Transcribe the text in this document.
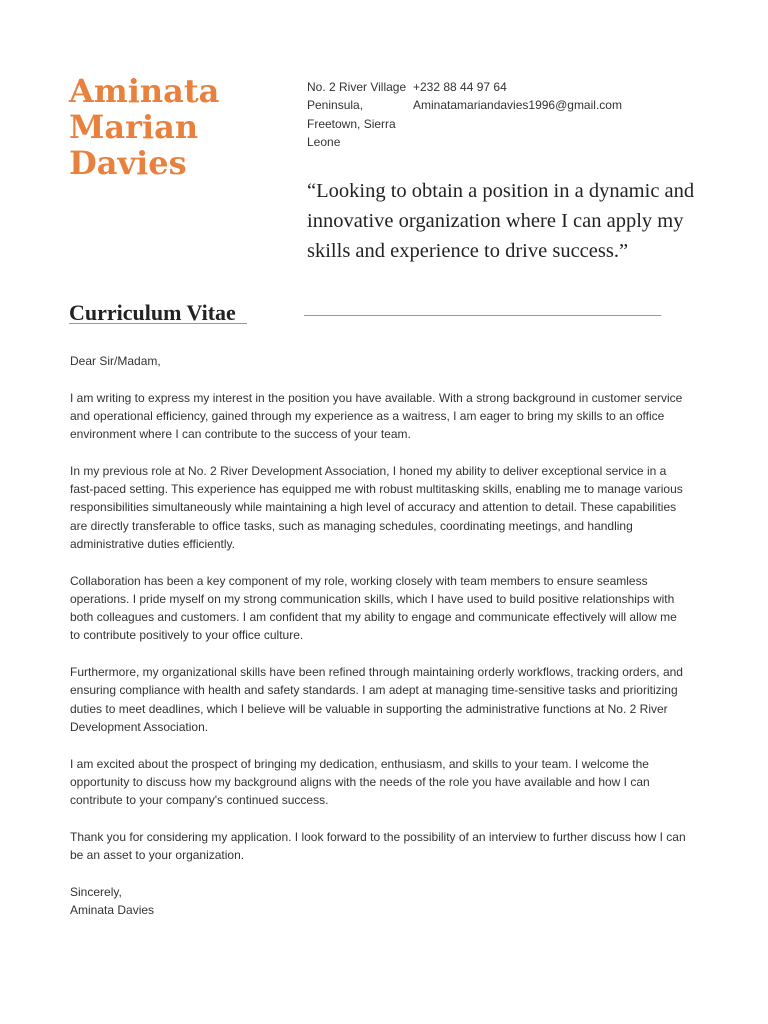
Aminata
Marian
Davies
No. 2 River Village Peninsula, Freetown, Sierra Leone
+232 88 44 97 64
Aminatamariandavies1996@gmail.com

“Looking to obtain a position in a dynamic and innovative organization where I can apply my skills and experience to drive success.”

Curriculum Vitae

Dear Sir/Madam,

I am writing to express my interest in the position you have available. With a strong background in customer service and operational efficiency, gained through my experience as a waitress, I am eager to bring my skills to an office environment where I can contribute to the success of your team.

In my previous role at No. 2 River Development Association, I honed my ability to deliver exceptional service in a fast-paced setting. This experience has equipped me with robust multitasking skills, enabling me to manage various responsibilities simultaneously while maintaining a high level of accuracy and attention to detail. These capabilities are directly transferable to office tasks, such as managing schedules, coordinating meetings, and handling administrative duties efficiently.

Collaboration has been a key component of my role, working closely with team members to ensure seamless operations. I pride myself on my strong communication skills, which I have used to build positive relationships with both colleagues and customers. I am confident that my ability to engage and communicate effectively will allow me to contribute positively to your office culture.

Furthermore, my organizational skills have been refined through maintaining orderly workflows, tracking orders, and ensuring compliance with health and safety standards. I am adept at managing time-sensitive tasks and prioritizing duties to meet deadlines, which I believe will be valuable in supporting the administrative functions at No. 2 River Development Association.

I am excited about the prospect of bringing my dedication, enthusiasm, and skills to your team. I welcome the opportunity to discuss how my background aligns with the needs of the role you have available and how I can contribute to your company's continued success.

Thank you for considering my application. I look forward to the possibility of an interview to further discuss how I can be an asset to your organization.

Sincerely,
Aminata Davies
